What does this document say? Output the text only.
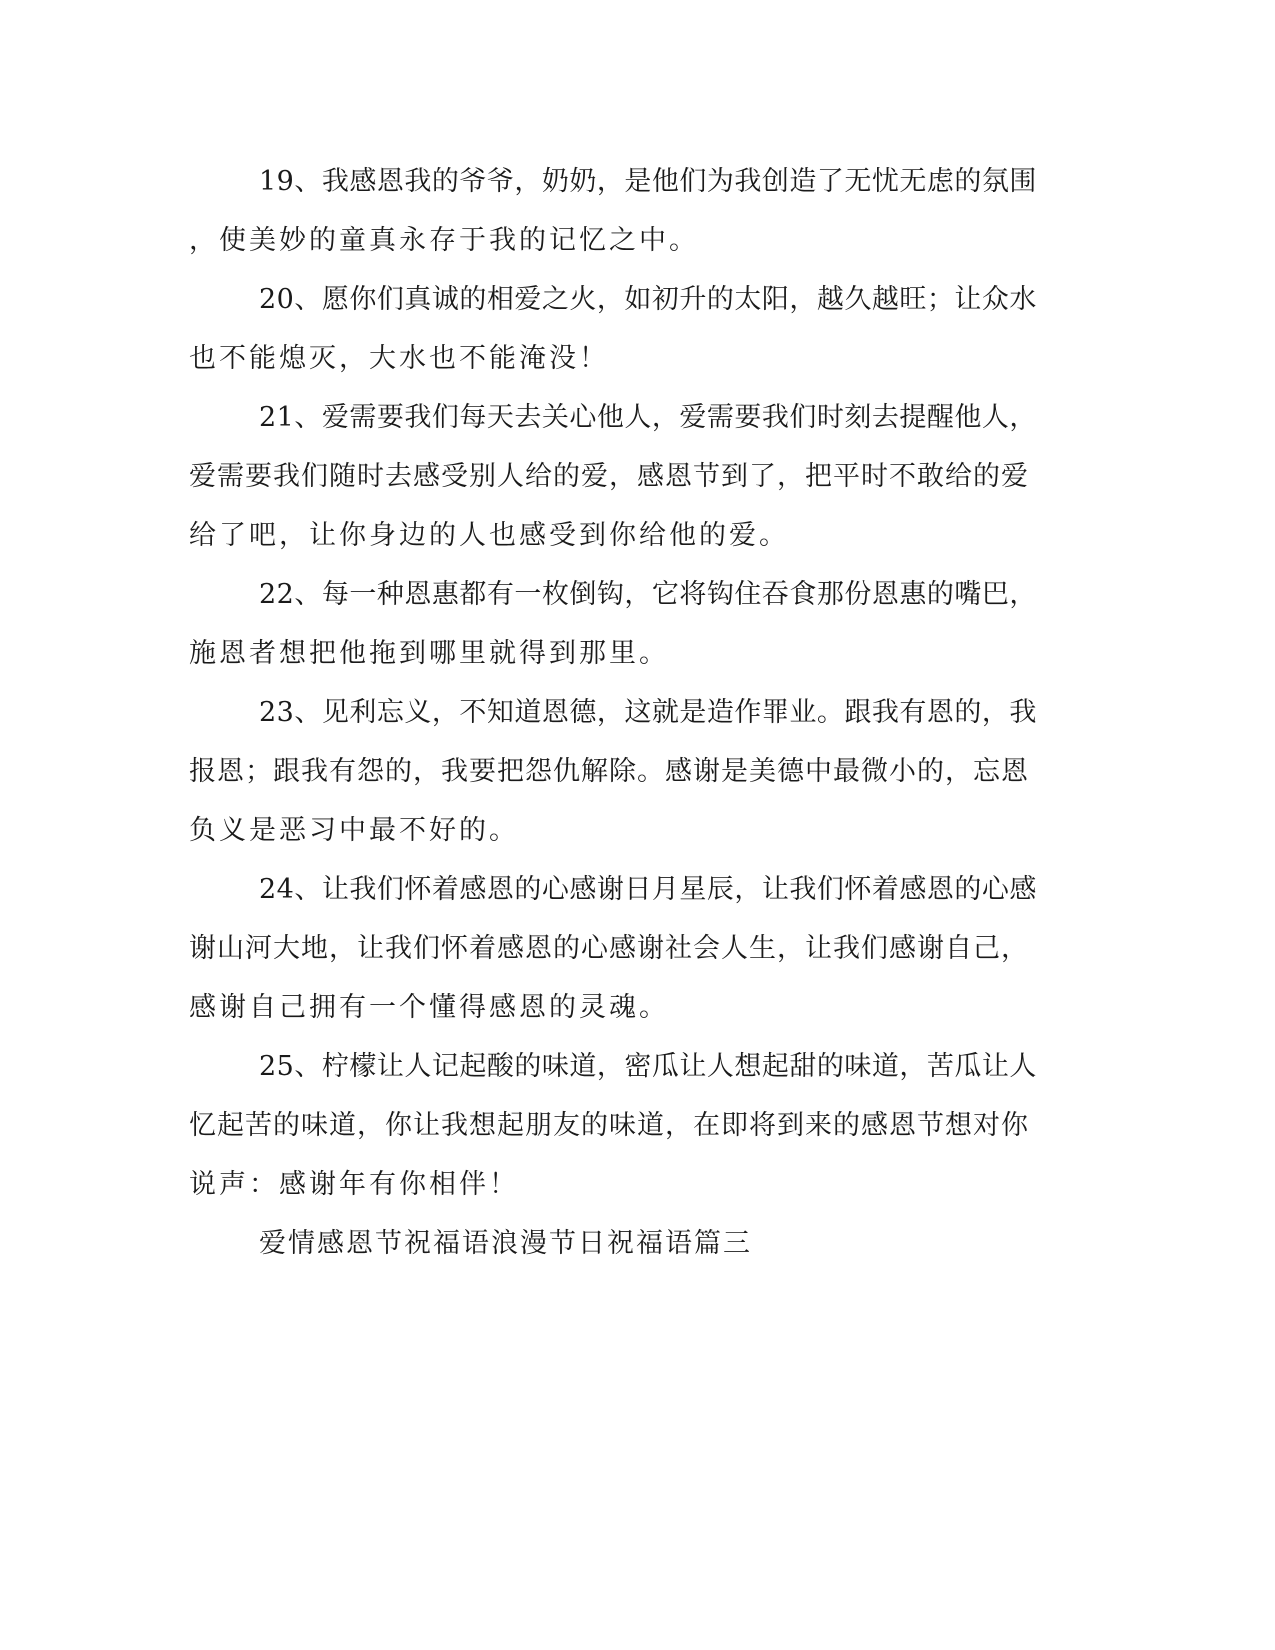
19、我感恩我的爷爷，奶奶，是他们为我创造了无忧无虑的氛围
，使美妙的童真永存于我的记忆之中。
20、愿你们真诚的相爱之火，如初升的太阳，越久越旺；让众水
也不能熄灭，大水也不能淹没！
21、爱需要我们每天去关心他人，爱需要我们时刻去提醒他人，
爱需要我们随时去感受别人给的爱，感恩节到了，把平时不敢给的爱
给了吧，让你身边的人也感受到你给他的爱。
22、每一种恩惠都有一枚倒钩，它将钩住吞食那份恩惠的嘴巴，
施恩者想把他拖到哪里就得到那里。
23、见利忘义，不知道恩德，这就是造作罪业。跟我有恩的，我
报恩；跟我有怨的，我要把怨仇解除。感谢是美德中最微小的，忘恩
负义是恶习中最不好的。
24、让我们怀着感恩的心感谢日月星辰，让我们怀着感恩的心感
谢山河大地，让我们怀着感恩的心感谢社会人生，让我们感谢自己，
感谢自己拥有一个懂得感恩的灵魂。
25、柠檬让人记起酸的味道，密瓜让人想起甜的味道，苦瓜让人
忆起苦的味道，你让我想起朋友的味道，在即将到来的感恩节想对你
说声：感谢年有你相伴！
爱情感恩节祝福语浪漫节日祝福语篇三
